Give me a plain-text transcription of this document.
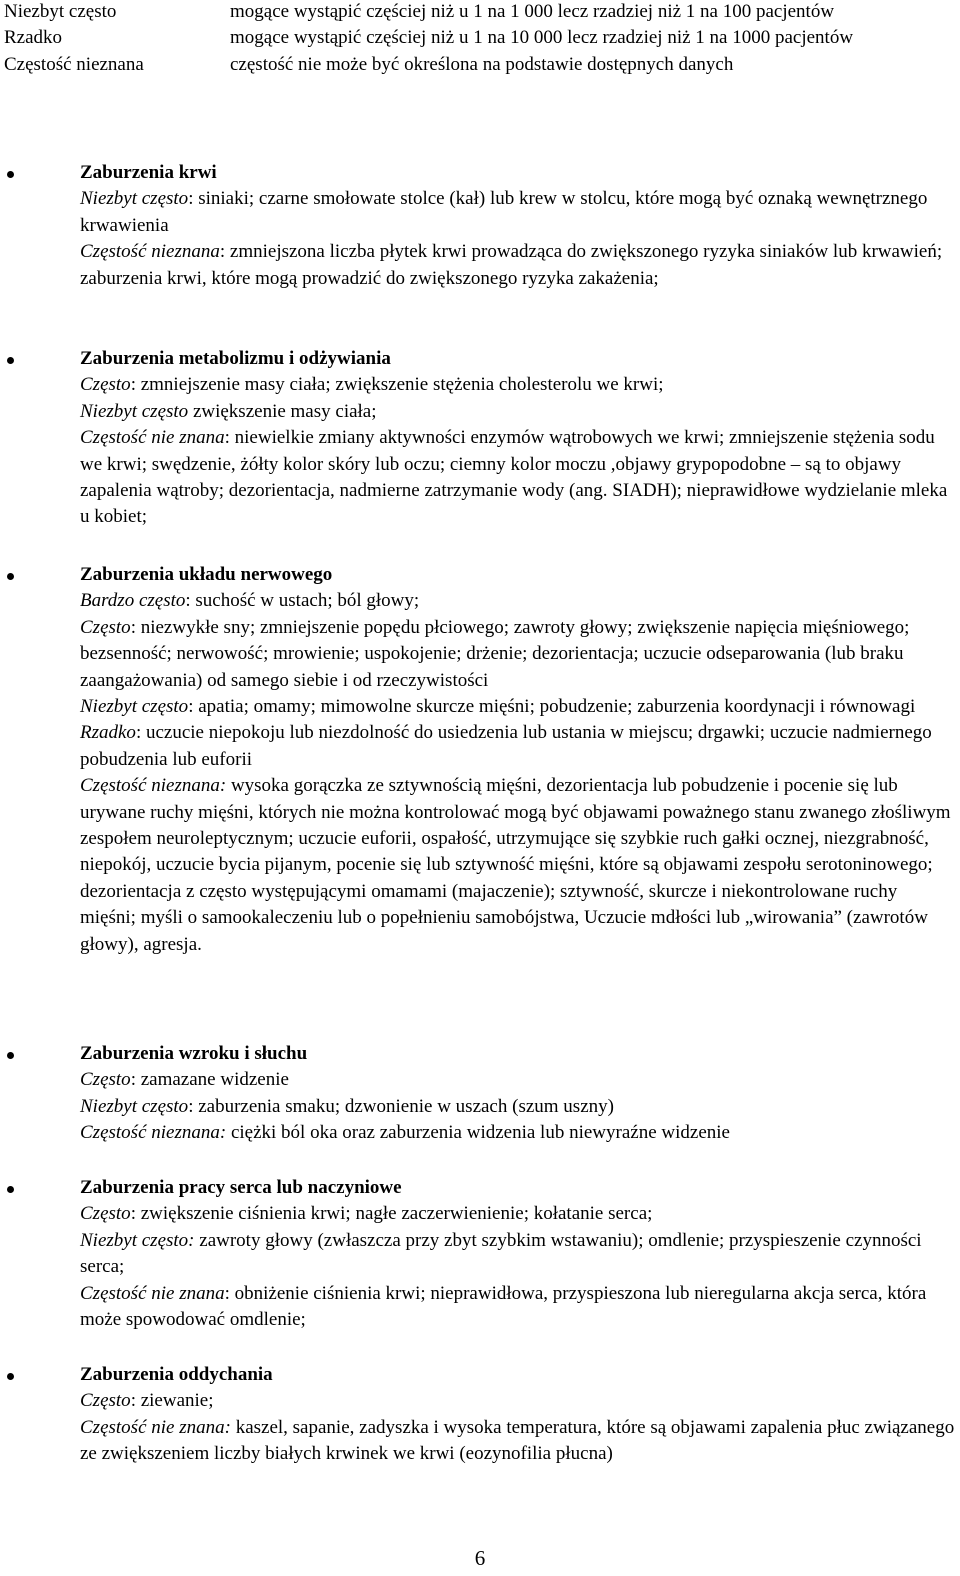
Niezbyt często	mogące wystąpić częściej niż u 1 na 1 000 lecz rzadziej niż 1 na 100 pacjentów
Rzadko	mogące wystąpić częściej niż u 1 na 10 000 lecz rzadziej niż 1 na 1000 pacjentów
Częstość nieznana	częstość nie może być określona na podstawie dostępnych danych
Zaburzenia krwi
Niezbyt często: siniaki; czarne smołowate stolce (kał) lub krew w stolcu, które mogą być oznaką wewnętrznego krwawienia
Częstość nieznana: zmniejszona liczba płytek krwi prowadząca do zwiększonego ryzyka siniaków lub krwawień; zaburzenia krwi, które mogą prowadzić do zwiększonego ryzyka zakażenia;
Zaburzenia metabolizmu i odżywiania
Często: zmniejszenie masy ciała; zwiększenie stężenia cholesterolu we krwi;
Niezbyt często zwiększenie masy ciała;
Częstość nie znana: niewielkie zmiany aktywności enzymów wątrobowych we krwi; zmniejszenie stężenia sodu we krwi; swędzenie, żółty kolor skóry lub oczu; ciemny kolor moczu ,objawy grypopodobne – są to objawy zapalenia wątroby; dezorientacja, nadmierne zatrzymanie wody (ang. SIADH); nieprawidłowe wydzielanie mleka u kobiet;
Zaburzenia układu nerwowego
Bardzo często: suchość w ustach; ból głowy;
Często: niezwykłe sny; zmniejszenie popędu płciowego; zawroty głowy; zwiększenie napięcia mięśniowego; bezsenność; nerwowość; mrowienie; uspokojenie; drżenie; dezorientacja; uczucie odseparowania (lub braku zaangażowania) od samego siebie i od rzeczywistości
Niezbyt często: apatia; omamy; mimowolne skurcze mięśni; pobudzenie; zaburzenia koordynacji i równowagi
Rzadko: uczucie niepokoju lub niezdolność do usiedzenia lub ustania w miejscu; drgawki; uczucie nadmiernego pobudzenia lub euforii
Częstość nieznana: wysoka gorączka ze sztywnością mięśni, dezorientacja lub pobudzenie i pocenie się lub urywane ruchy mięśni, których nie można kontrolować mogą być objawami poważnego stanu zwanego złośliwym zespołem neuroleptycznym; uczucie euforii, ospałość, utrzymujące się szybkie ruch gałki ocznej, niezgrabność, niepokój, uczucie bycia pijanym, pocenie się lub sztywność mięśni, które są objawami zespołu serotoninowego; dezorientacja z często występującymi omamami (majaczenie); sztywność, skurcze i niekontrolowane ruchy mięśni; myśli o samookaleczeniu lub o popełnieniu samobójstwa, Uczucie mdłości lub „wirowania” (zawrotów głowy), agresja.
Zaburzenia wzroku i słuchu
Często: zamazane widzenie
Niezbyt często: zaburzenia smaku; dzwonienie w uszach (szum uszny)
Częstość nieznana: ciężki ból oka oraz zaburzenia widzenia lub niewyraźne widzenie
Zaburzenia pracy serca lub naczyniowe
Często: zwiększenie ciśnienia krwi; nagłe zaczerwienienie; kołatanie serca;
Niezbyt często: zawroty głowy (zwłaszcza przy zbyt szybkim wstawaniu); omdlenie; przyspieszenie czynności serca;
Częstość nie znana: obniżenie ciśnienia krwi; nieprawidłowa, przyspieszona lub nieregularna akcja serca, która może spowodować omdlenie;
Zaburzenia oddychania
Często: ziewanie;
Częstość nie znana: kaszel, sapanie, zadyszka i wysoka temperatura, które są objawami zapalenia płuc związanego ze zwiększeniem liczby białych krwinek we krwi (eozynofilia płucna)
6
